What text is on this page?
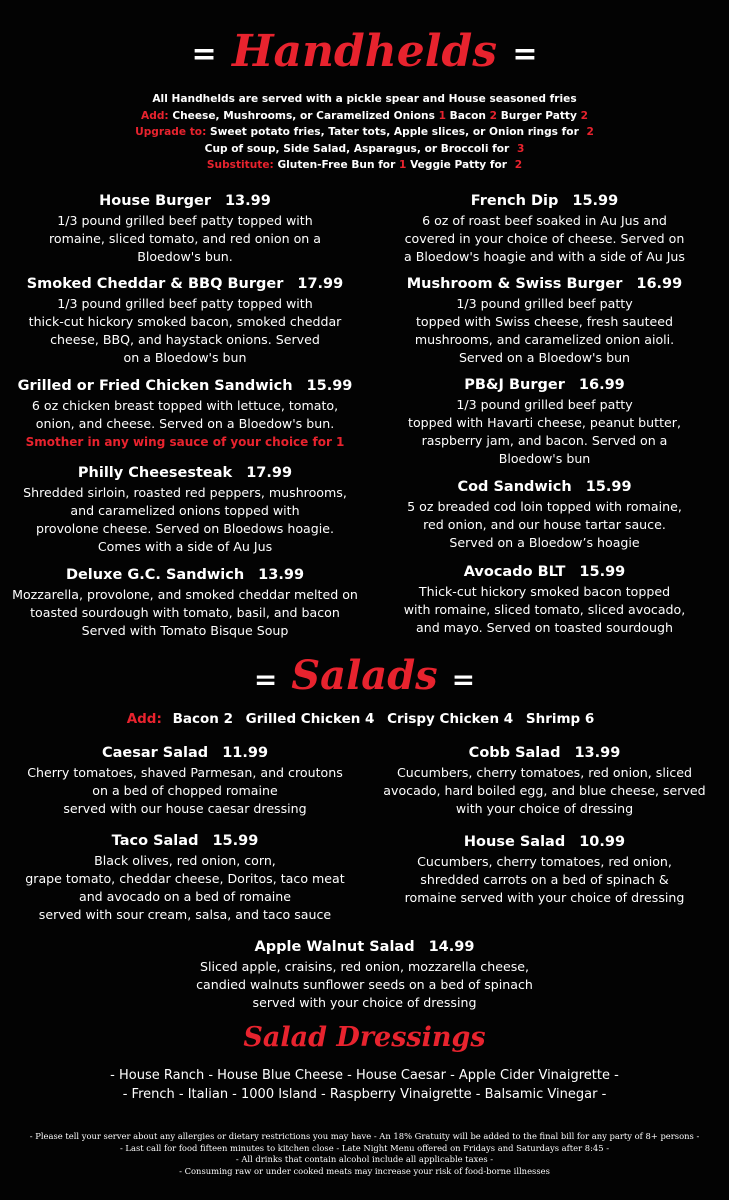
= Handhelds =
All Handhelds are served with a pickle spear and House seasoned fries
Add: Cheese, Mushrooms, or Caramelized Onions 1 Bacon 2 Burger Patty 2
Upgrade to: Sweet potato fries, Tater tots, Apple slices, or Onion rings for 2
Cup of soup, Side Salad, Asparagus, or Broccoli for 3
Substitute: Gluten-Free Bun for 1 Veggie Patty for 2
House Burger 13.99
1/3 pound grilled beef patty topped with
romaine, sliced tomato, and red onion on a
Bloedow's bun.
Smoked Cheddar & BBQ Burger 17.99
1/3 pound grilled beef patty topped with
thick-cut hickory smoked bacon, smoked cheddar
cheese, BBQ, and haystack onions. Served
on a Bloedow's bun
Grilled or Fried Chicken Sandwich 15.99
6 oz chicken breast topped with lettuce, tomato,
onion, and cheese. Served on a Bloedow's bun.
Smother in any wing sauce of your choice for 1
Philly Cheesesteak 17.99
Shredded sirloin, roasted red peppers, mushrooms,
and caramelized onions topped with
provolone cheese. Served on Bloedows hoagie.
Comes with a side of Au Jus
Deluxe G.C. Sandwich 13.99
Mozzarella, provolone, and smoked cheddar melted on
toasted sourdough with tomato, basil, and bacon
Served with Tomato Bisque Soup
French Dip 15.99
6 oz of roast beef soaked in Au Jus and
covered in your choice of cheese. Served on
a Bloedow's hoagie and with a side of Au Jus
Mushroom & Swiss Burger 16.99
1/3 pound grilled beef patty
topped with Swiss cheese, fresh sauteed
mushrooms, and caramelized onion aioli.
Served on a Bloedow's bun
PB&J Burger 16.99
1/3 pound grilled beef patty
topped with Havarti cheese, peanut butter,
raspberry jam, and bacon. Served on a
Bloedow's bun
Cod Sandwich 15.99
5 oz breaded cod loin topped with romaine,
red onion, and our house tartar sauce.
Served on a Bloedow’s hoagie
Avocado BLT 15.99
Thick-cut hickory smoked bacon topped
with romaine, sliced tomato, sliced avocado,
and mayo. Served on toasted sourdough
= Salads =
Add: Bacon 2 Grilled Chicken 4 Crispy Chicken 4 Shrimp 6
Caesar Salad 11.99
Cherry tomatoes, shaved Parmesan, and croutons
on a bed of chopped romaine
served with our house caesar dressing
Taco Salad 15.99
Black olives, red onion, corn,
grape tomato, cheddar cheese, Doritos, taco meat
and avocado on a bed of romaine
served with sour cream, salsa, and taco sauce
Cobb Salad 13.99
Cucumbers, cherry tomatoes, red onion, sliced
avocado, hard boiled egg, and blue cheese, served
with your choice of dressing
House Salad 10.99
Cucumbers, cherry tomatoes, red onion,
shredded carrots on a bed of spinach &
romaine served with your choice of dressing
Apple Walnut Salad 14.99
Sliced apple, craisins, red onion, mozzarella cheese,
candied walnuts sunflower seeds on a bed of spinach
served with your choice of dressing
Salad Dressings
- House Ranch - House Blue Cheese - House Caesar - Apple Cider Vinaigrette -
- French - Italian - 1000 Island - Raspberry Vinaigrette - Balsamic Vinegar -
- Please tell your server about any allergies or dietary restrictions you may have - An 18% Gratuity will be added to the final bill for any party of 8+ persons -
- Last call for food fifteen minutes to kitchen close - Late Night Menu offered on Fridays and Saturdays after 8:45 -
- All drinks that contain alcohol include all applicable taxes -
- Consuming raw or under cooked meats may increase your risk of food-borne illnesses
